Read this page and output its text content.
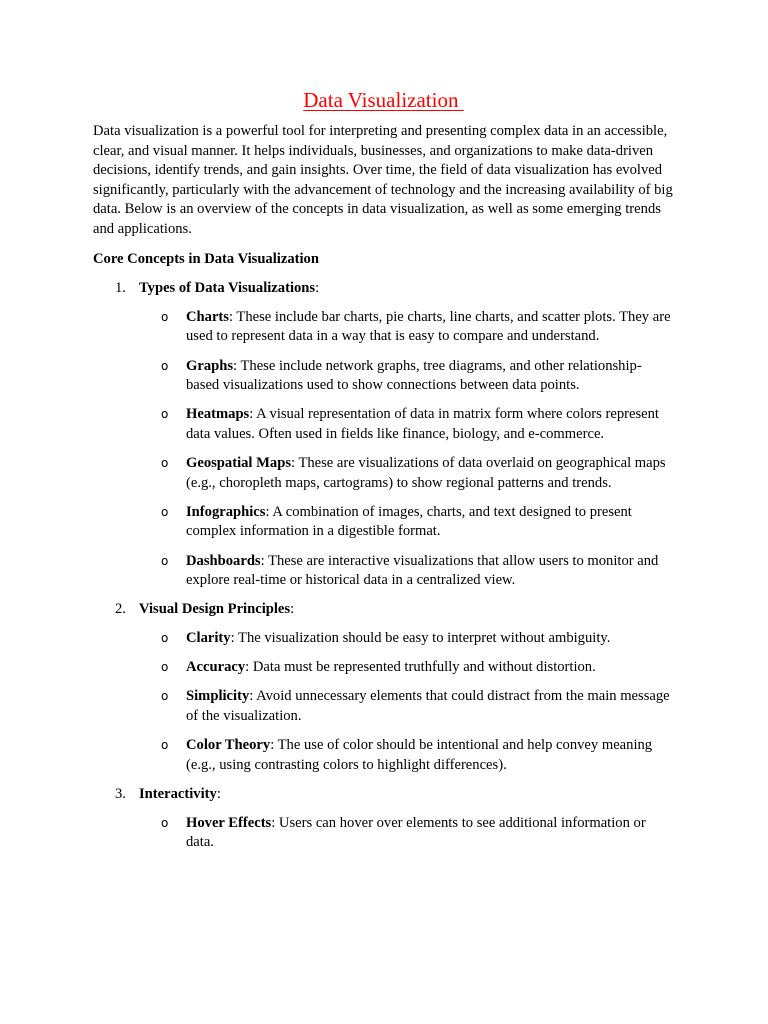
Data Visualization

Data visualization is a powerful tool for interpreting and presenting complex data in an accessible, clear, and visual manner. It helps individuals, businesses, and organizations to make data-driven decisions, identify trends, and gain insights. Over time, the field of data visualization has evolved significantly, particularly with the advancement of technology and the increasing availability of big data. Below is an overview of the concepts in data visualization, as well as some emerging trends and applications.

Core Concepts in Data Visualization

1. Types of Data Visualizations:
o Charts: These include bar charts, pie charts, line charts, and scatter plots. They are used to represent data in a way that is easy to compare and understand.
o Graphs: These include network graphs, tree diagrams, and other relationship-based visualizations used to show connections between data points.
o Heatmaps: A visual representation of data in matrix form where colors represent data values. Often used in fields like finance, biology, and e-commerce.
o Geospatial Maps: These are visualizations of data overlaid on geographical maps (e.g., choropleth maps, cartograms) to show regional patterns and trends.
o Infographics: A combination of images, charts, and text designed to present complex information in a digestible format.
o Dashboards: These are interactive visualizations that allow users to monitor and explore real-time or historical data in a centralized view.
2. Visual Design Principles:
o Clarity: The visualization should be easy to interpret without ambiguity.
o Accuracy: Data must be represented truthfully and without distortion.
o Simplicity: Avoid unnecessary elements that could distract from the main message of the visualization.
o Color Theory: The use of color should be intentional and help convey meaning (e.g., using contrasting colors to highlight differences).
3. Interactivity:
o Hover Effects: Users can hover over elements to see additional information or data.
